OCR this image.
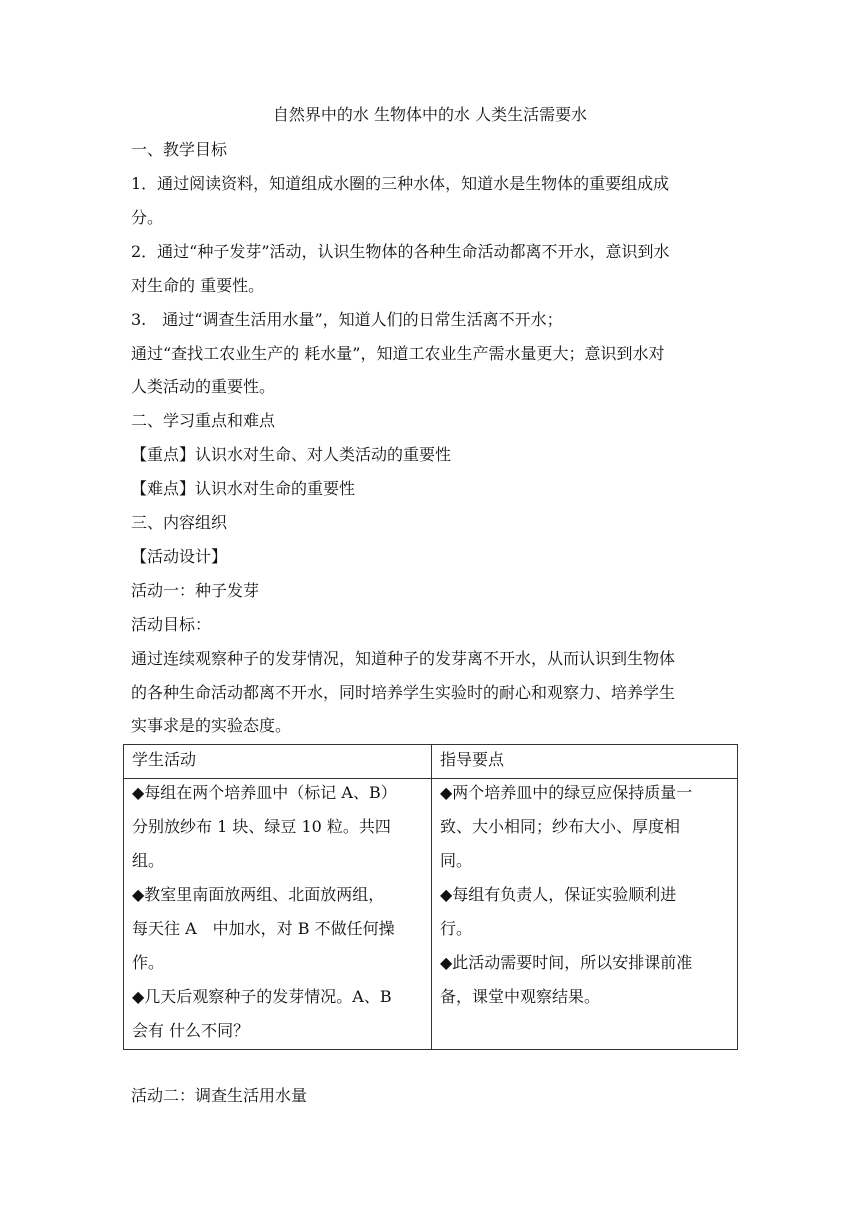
自然界中的水 生物体中的水 人类生活需要水
一、教学目标
1．通过阅读资料，知道组成水圈的三种水体，知道水是生物体的重要组成成
分。
2．通过“种子发芽”活动，认识生物体的各种生命活动都离不开水，意识到水
对生命的 重要性。
3.　通过“调查生活用水量”，知道人们的日常生活离不开水；
通过“查找工农业生产的 耗水量”，知道工农业生产需水量更大；意识到水对
人类活动的重要性。
二、学习重点和难点
【重点】认识水对生命、对人类活动的重要性
【难点】认识水对生命的重要性
三、内容组织
【活动设计】
活动一：种子发芽
活动目标：
通过连续观察种子的发芽情况，知道种子的发芽离不开水，从而认识到生物体
的各种生命活动都离不开水，同时培养学生实验时的耐心和观察力、培养学生
实事求是的实验态度。
学生活动	指导要点
◆每组在两个培养皿中（标记 A、B）
分别放纱布 1 块、绿豆 10 粒。共四
组。
◆教室里南面放两组、北面放两组，
每天往 A　中加水，对 B 不做任何操
作。
◆几天后观察种子的发芽情况。A、B
会有 什么不同？
◆两个培养皿中的绿豆应保持质量一
致、大小相同；纱布大小、厚度相
同。
◆每组有负责人，保证实验顺利进
行。
◆此活动需要时间，所以安排课前准
备，课堂中观察结果。
活动二：调查生活用水量
